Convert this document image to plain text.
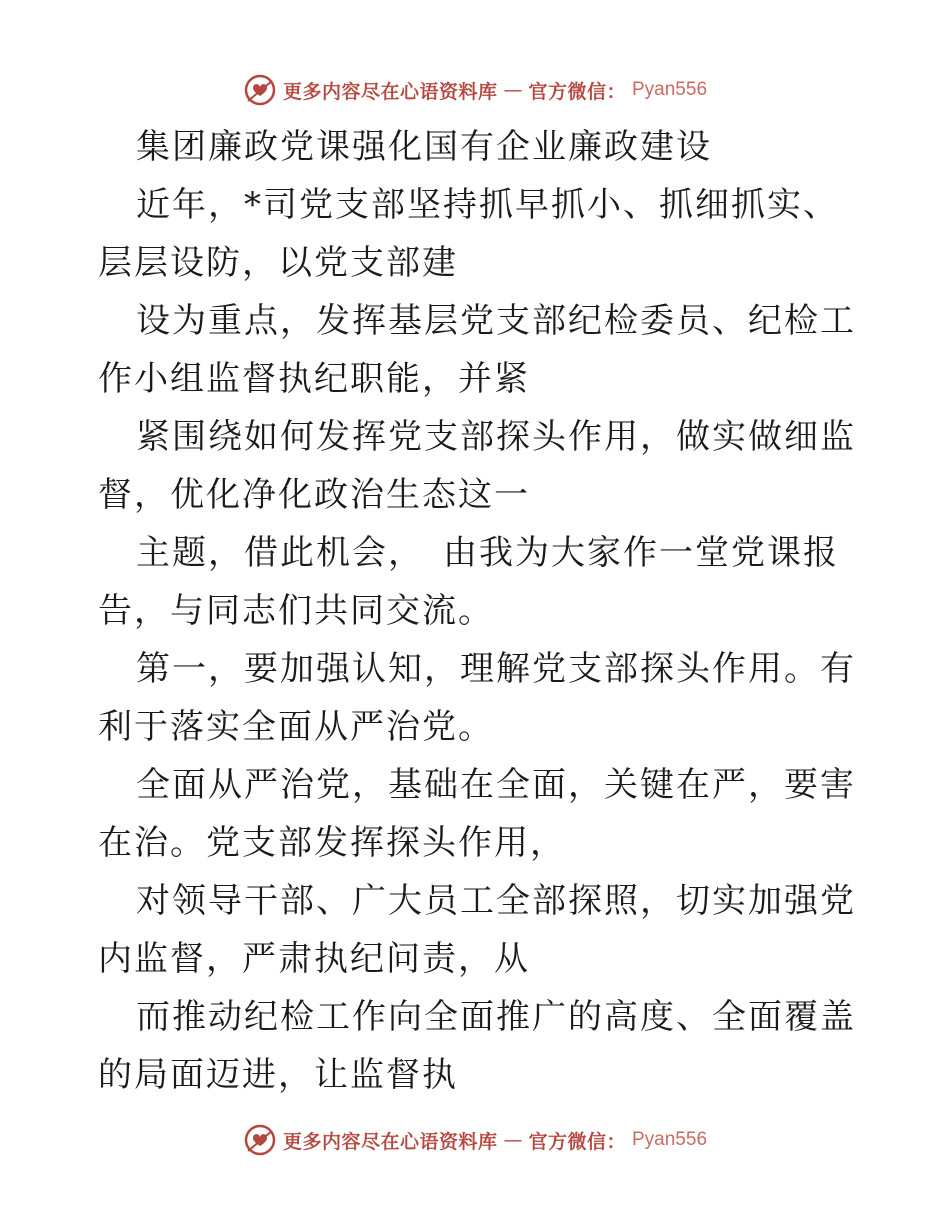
更多内容尽在心语资料库 — 官方微信： Pyan556

集团廉政党课强化国有企业廉政建设

近年，*司党支部坚持抓早抓小、抓细抓实、层层设防，以党支部建

设为重点，发挥基层党支部纪检委员、纪检工作小组监督执纪职能，并紧

紧围绕如何发挥党支部探头作用，做实做细监督，优化净化政治生态这一

主题，借此机会，　由我为大家作一堂党课报告，与同志们共同交流。

第一，要加强认知，理解党支部探头作用。有利于落实全面从严治党。

全面从严治党，基础在全面，关键在严，要害在治。党支部发挥探头作用，

对领导干部、广大员工全部探照，切实加强党内监督，严肃执纪问责，从

而推动纪检工作向全面推广的高度、全面覆盖的局面迈进，让监督执

更多内容尽在心语资料库 — 官方微信： Pyan556
